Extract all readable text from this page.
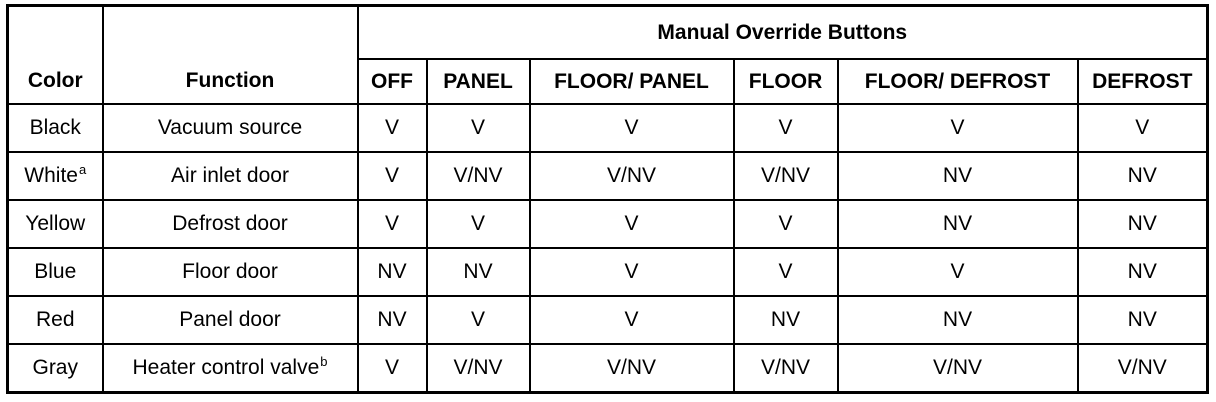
Color	Function	Manual Override Buttons					
		OFF	PANEL	FLOOR/ PANEL	FLOOR	FLOOR/ DEFROST	DEFROST
Black	Vacuum source	V	V	V	V	V	V
White$^a$	Air inlet door	V	V/NV	V/NV	V/NV	NV	NV
Yellow	Defrost door	V	V	V	V	NV	NV
Blue	Floor door	NV	NV	V	V	V	NV
Red	Panel door	NV	V	V	NV	NV	NV
Gray	Heater control valve$^b$	V	V/NV	V/NV	V/NV	V/NV	V/NV
